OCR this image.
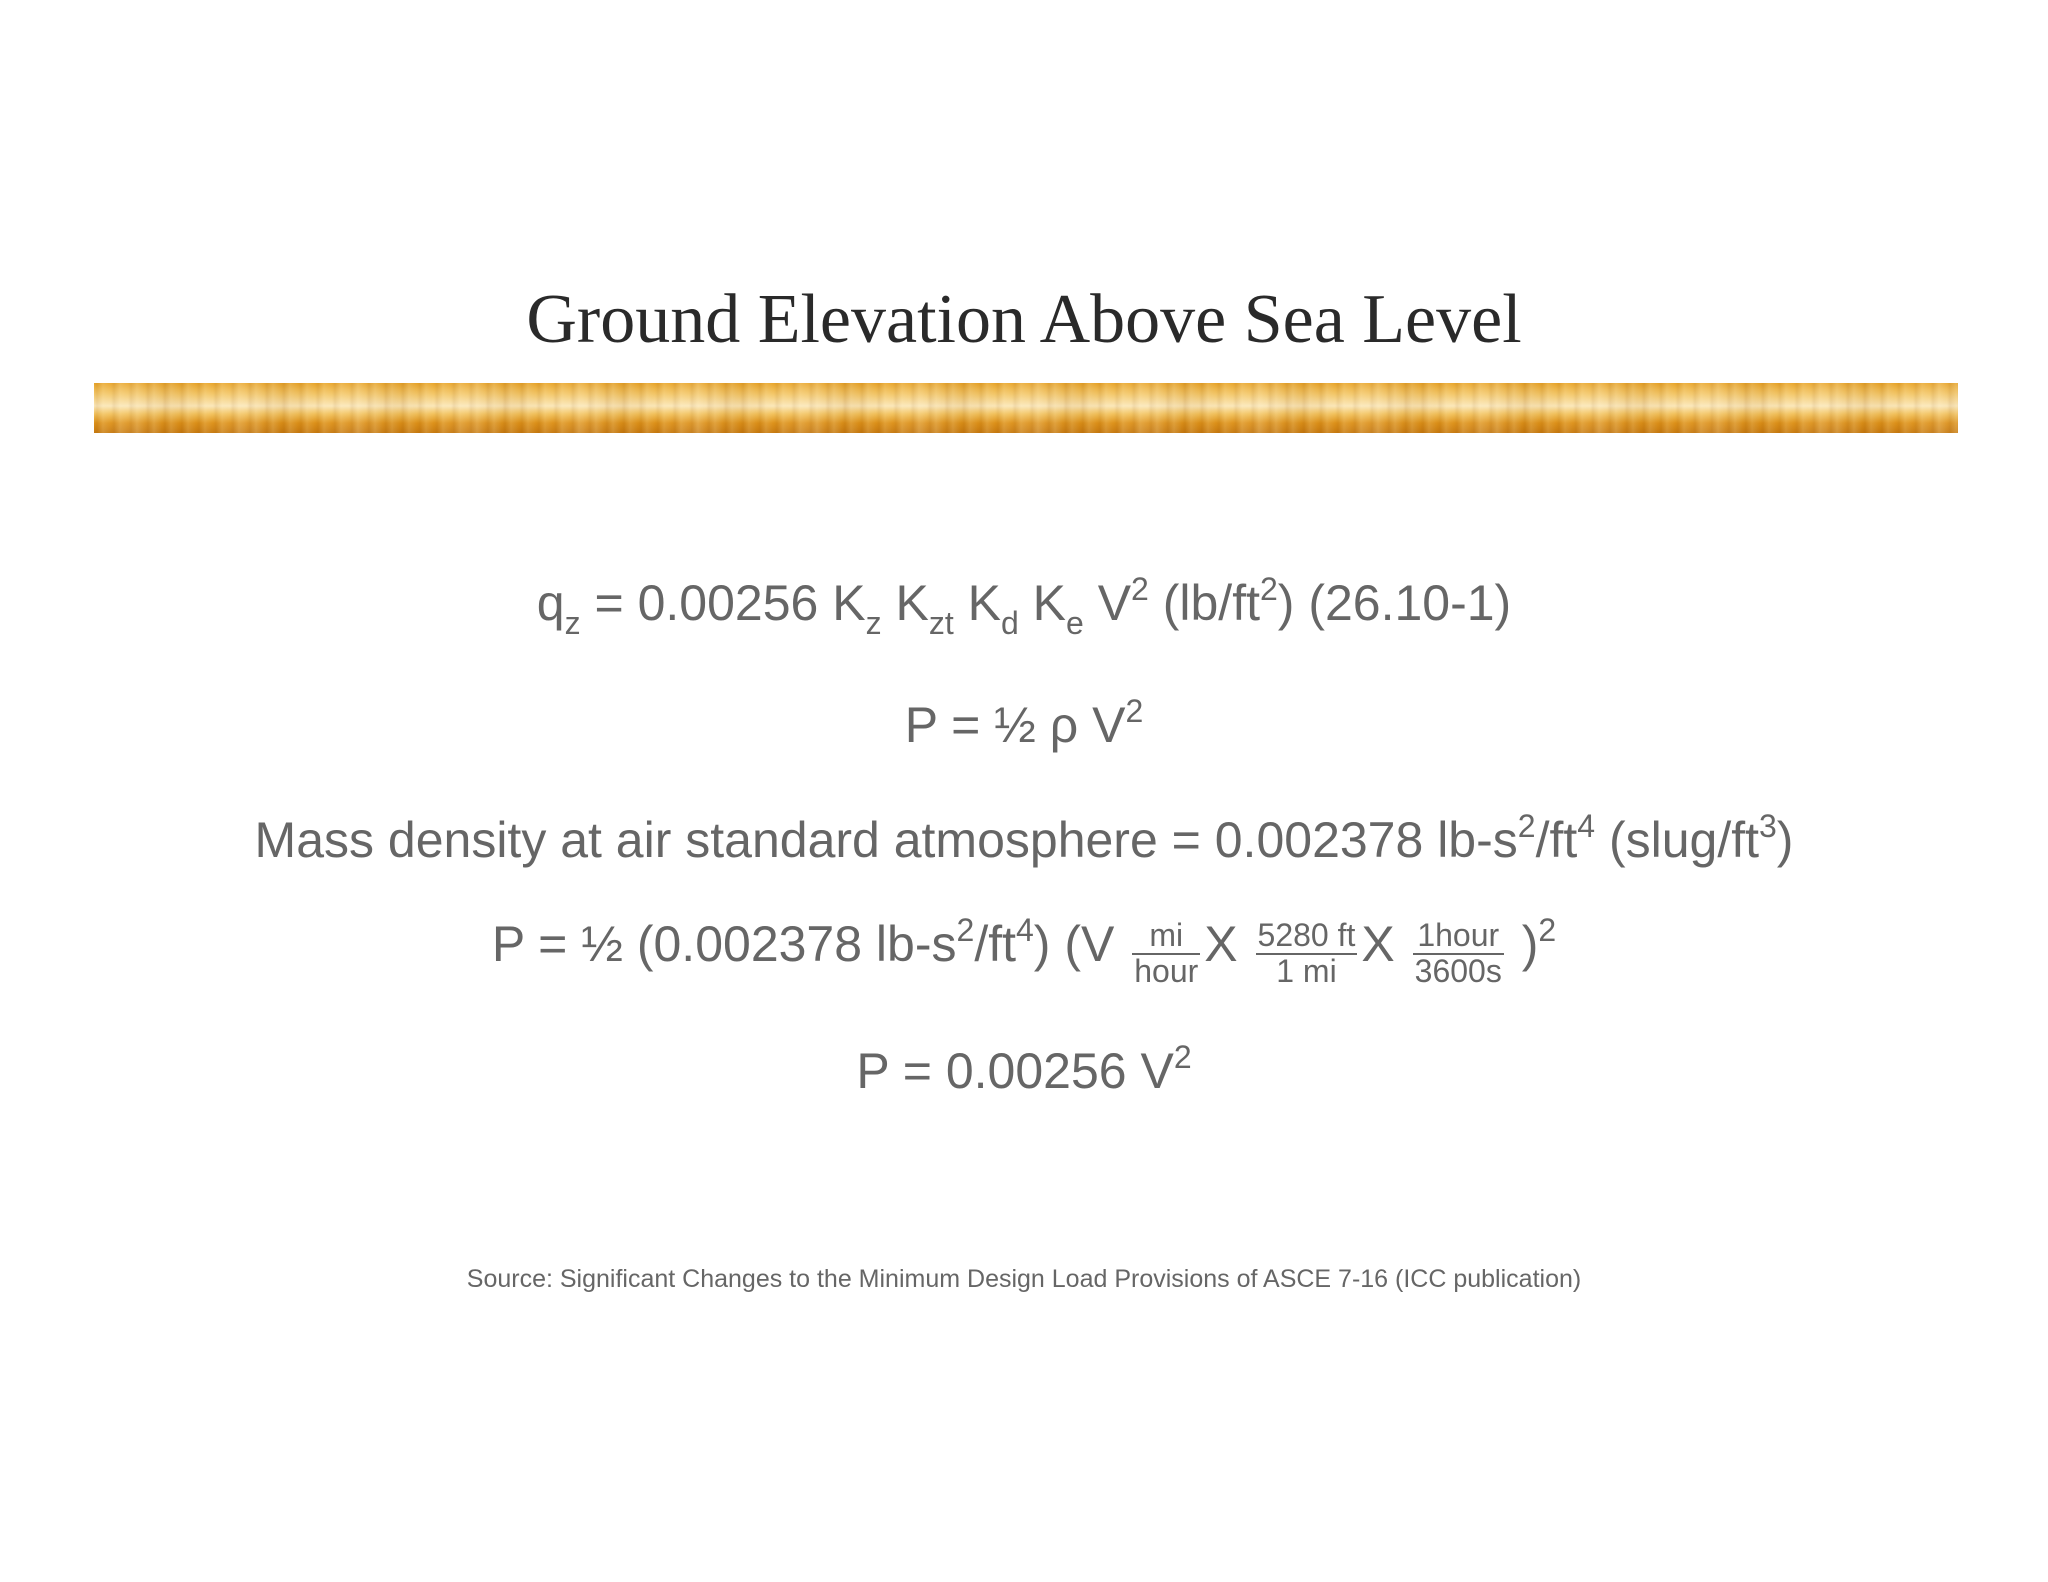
Ground Elevation Above Sea Level
$q_z = 0.00256$ $K_z$ $K_{zt}$ $K_d$ $K_e$ $V^2$ $(lb/ft^2)$ (26.10-1)
P = ½ ρ $V^2$
Mass density at air standard atmosphere = 0.002378 $lb-s^2/ft^4$ $(slug/ft^3)$
P = ½ (0.002378 $lb-s^2/ft^4$) ($V \frac{mi}{\text{hour}}$ X $\frac{5280 ft}{1 mi}$ X $\frac{\text{1hour}}{3600s} )^2$
P = 0.00256 $V^2$
Source: Significant Changes to the Minimum Design Load Provisions of ASCE 7-16 (ICC publication)
